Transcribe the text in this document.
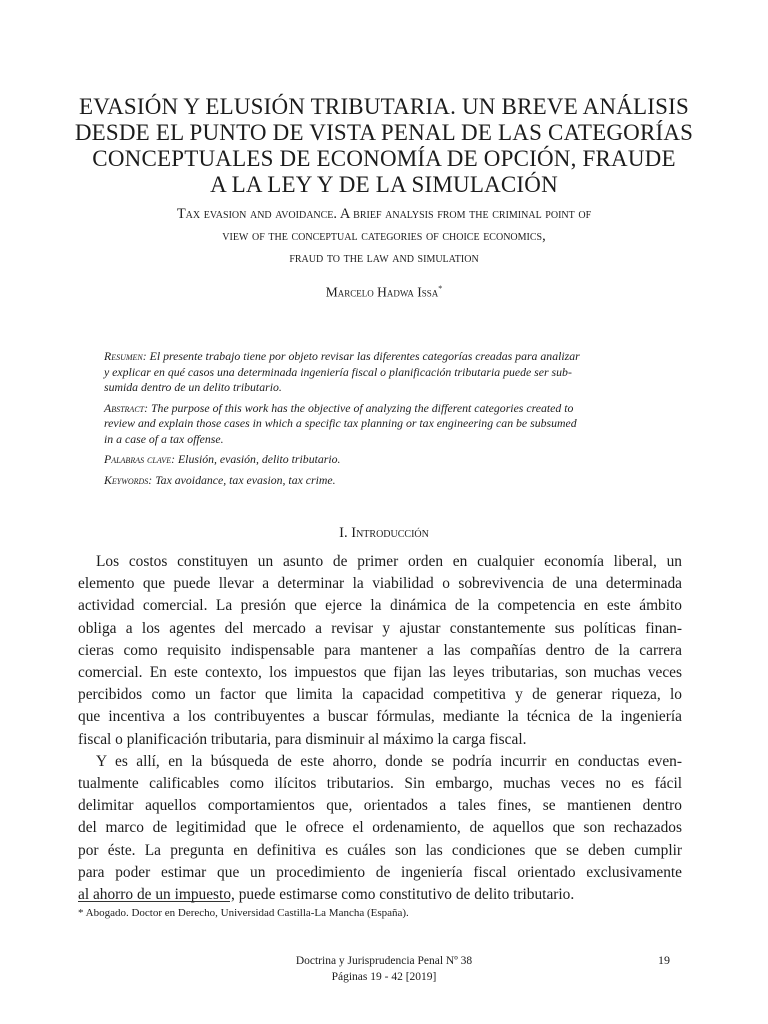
EVASIÓN Y ELUSIÓN TRIBUTARIA. UN BREVE ANÁLISIS
DESDE EL PUNTO DE VISTA PENAL DE LAS CATEGORÍAS
CONCEPTUALES DE ECONOMÍA DE OPCIÓN, FRAUDE
A LA LEY Y DE LA SIMULACIÓN
Tax evasion and avoidance. A brief analysis from the criminal point of
view of the conceptual categories of choice economics,
fraud to the law and simulation
Marcelo Hadwa Issa*

Resumen: El presente trabajo tiene por objeto revisar las diferentes categorías creadas para analizar
y explicar en qué casos una determinada ingeniería fiscal o planificación tributaria puede ser sub-
sumida dentro de un delito tributario.

Abstract: The purpose of this work has the objective of analyzing the different categories created to
review and explain those cases in which a specific tax planning or tax engineering can be subsumed
in a case of a tax offense.

Palabras clave: Elusión, evasión, delito tributario.

Keywords: Tax avoidance, tax evasion, tax crime.

I. Introducción
Los costos constituyen un asunto de primer orden en cualquier economía liberal, un
elemento que puede llevar a determinar la viabilidad o sobrevivencia de una determinada
actividad comercial. La presión que ejerce la dinámica de la competencia en este ámbito
obliga a los agentes del mercado a revisar y ajustar constantemente sus políticas finan-
cieras como requisito indispensable para mantener a las compañías dentro de la carrera
comercial. En este contexto, los impuestos que fijan las leyes tributarias, son muchas veces
percibidos como un factor que limita la capacidad competitiva y de generar riqueza, lo
que incentiva a los contribuyentes a buscar fórmulas, mediante la técnica de la ingeniería
fiscal o planificación tributaria, para disminuir al máximo la carga fiscal.
Y es allí, en la búsqueda de este ahorro, donde se podría incurrir en conductas even-
tualmente calificables como ilícitos tributarios. Sin embargo, muchas veces no es fácil
delimitar aquellos comportamientos que, orientados a tales fines, se mantienen dentro
del marco de legitimidad que le ofrece el ordenamiento, de aquellos que son rechazados
por éste. La pregunta en definitiva es cuáles son las condiciones que se deben cumplir
para poder estimar que un procedimiento de ingeniería fiscal orientado exclusivamente
al ahorro de un impuesto, puede estimarse como constitutivo de delito tributario.
* Abogado. Doctor en Derecho, Universidad Castilla-La Mancha (España).
Doctrina y Jurisprudencia Penal Nº 38
Páginas 19 - 42 [2019]
19
